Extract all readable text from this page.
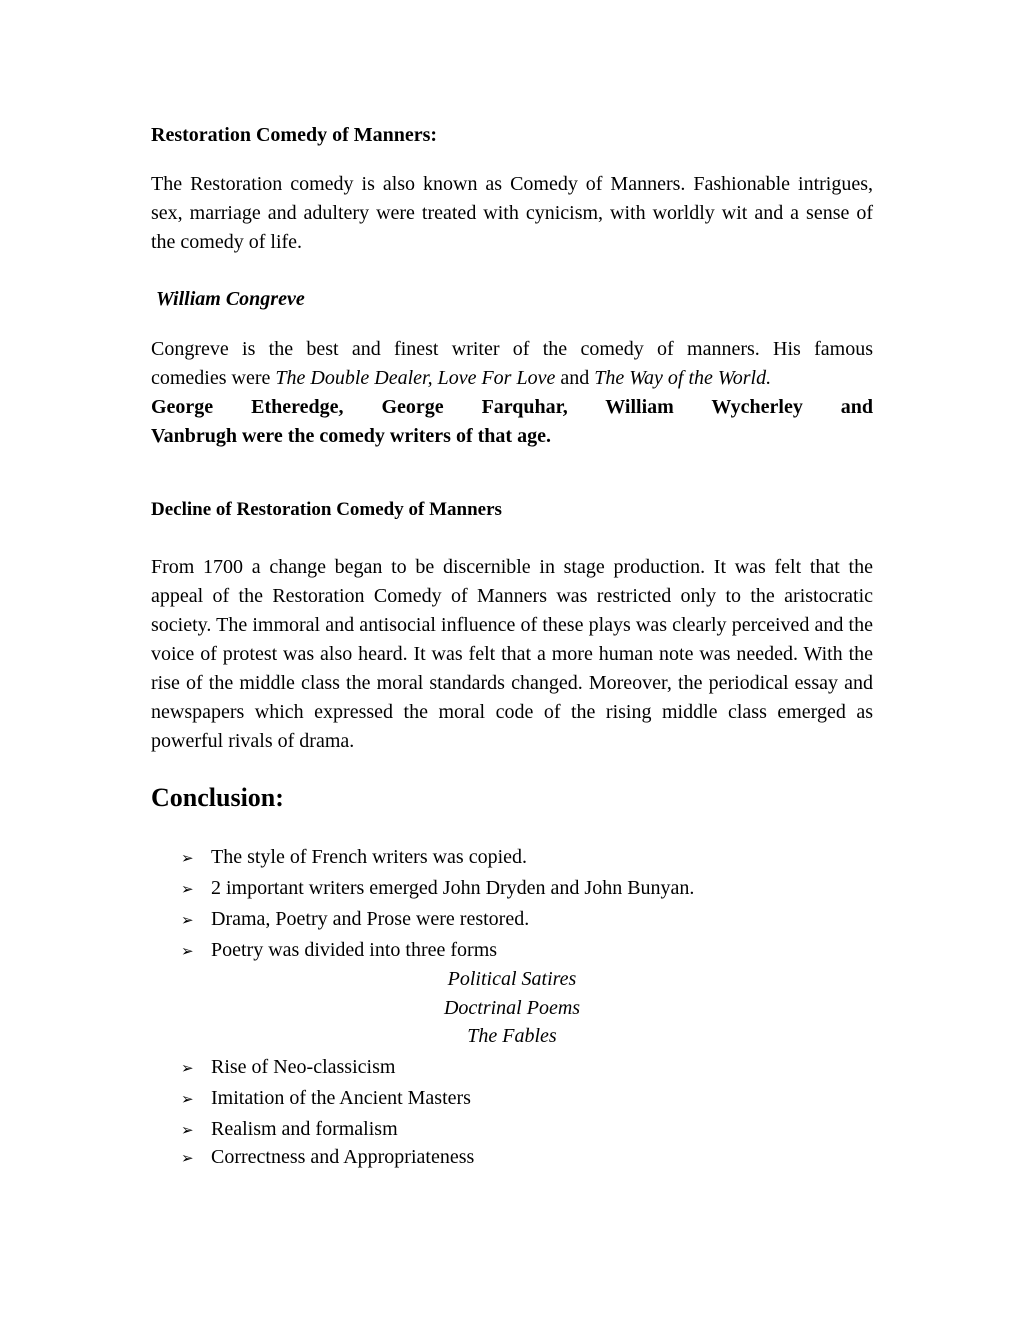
Restoration Comedy of Manners:

The Restoration comedy is also known as Comedy of Manners. Fashionable intrigues, sex, marriage and adultery were treated with cynicism, with worldly wit and a sense of the comedy of life.

William Congreve

Congreve is the best and finest writer of the comedy of manners. His famous

comedies were The Double Dealer, Love For Love and The Way of the World.

George Etheredge, George Farquhar, William Wycherley and

Vanbrugh were the comedy writers of that age.
Decline of Restoration Comedy of Manners

From 1700 a change began to be discernible in stage production. It was felt that the appeal of the Restoration Comedy of Manners was restricted only to the aristocratic society. The immoral and antisocial influence of these plays was clearly perceived and the voice of protest was also heard. It was felt that a more human note was needed. With the rise of the middle class the moral standards changed. Moreover, the periodical essay and newspapers which expressed the moral code of the rising middle class emerged as powerful rivals of drama.

Conclusion:
➢ The style of French writers was copied.
➢ 2 important writers emerged John Dryden and John Bunyan.
➢ Drama, Poetry and Prose were restored.
➢ Poetry was divided into three forms
Political Satires
Doctrinal Poems
The Fables
➢ Rise of Neo-classicism
➢ Imitation of the Ancient Masters
➢ Realism and formalism
➢ Correctness and Appropriateness
